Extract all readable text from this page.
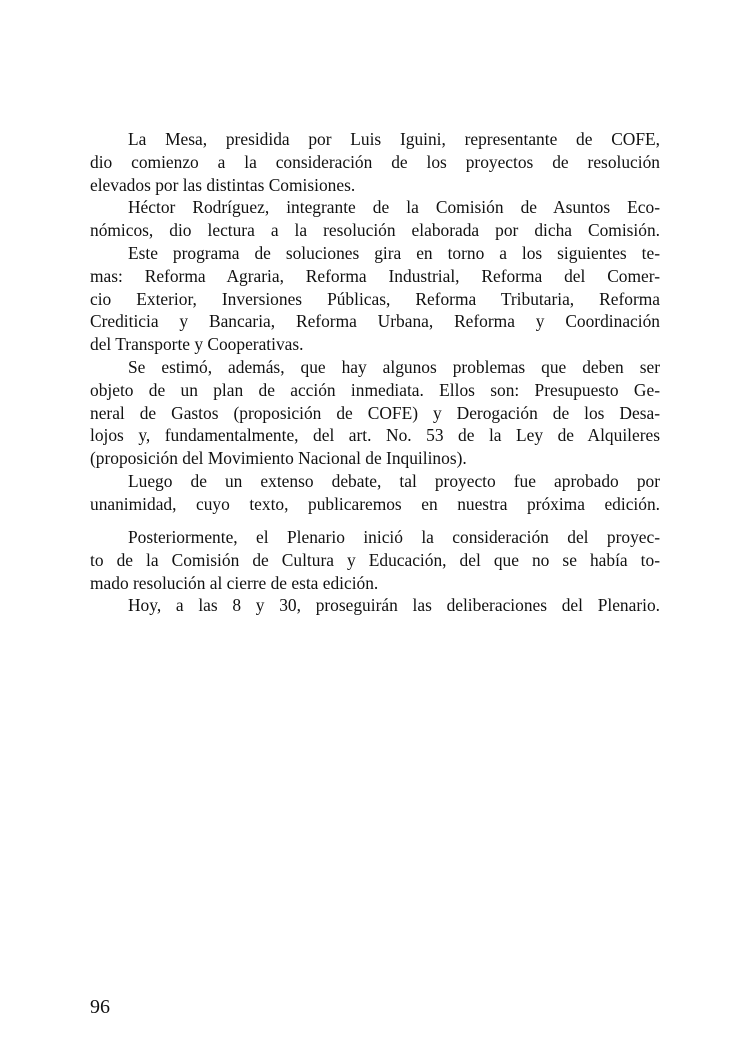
La Mesa, presidida por Luis Iguini, representante de COFE,
dio comienzo a la consideración de los proyectos de resolución
elevados por las distintas Comisiones.
Héctor Rodríguez, integrante de la Comisión de Asuntos Eco-
nómicos, dio lectura a la resolución elaborada por dicha Comisión.
Este programa de soluciones gira en torno a los siguientes te-
mas: Reforma Agraria, Reforma Industrial, Reforma del Comer-
cio Exterior, Inversiones Públicas, Reforma Tributaria, Reforma
Crediticia y Bancaria, Reforma Urbana, Reforma y Coordinación
del Transporte y Cooperativas.
Se estimó, además, que hay algunos problemas que deben ser
objeto de un plan de acción inmediata. Ellos son: Presupuesto Ge-
neral de Gastos (proposición de COFE) y Derogación de los Desa-
lojos y, fundamentalmente, del art. No. 53 de la Ley de Alquileres
(proposición del Movimiento Nacional de Inquilinos).
Luego de un extenso debate, tal proyecto fue aprobado por
unanimidad, cuyo texto, publicaremos en nuestra próxima edición.
Posteriormente, el Plenario inició la consideración del proyec-
to de la Comisión de Cultura y Educación, del que no se había to-
mado resolución al cierre de esta edición.
Hoy, a las 8 y 30, proseguirán las deliberaciones del Plenario.
96
